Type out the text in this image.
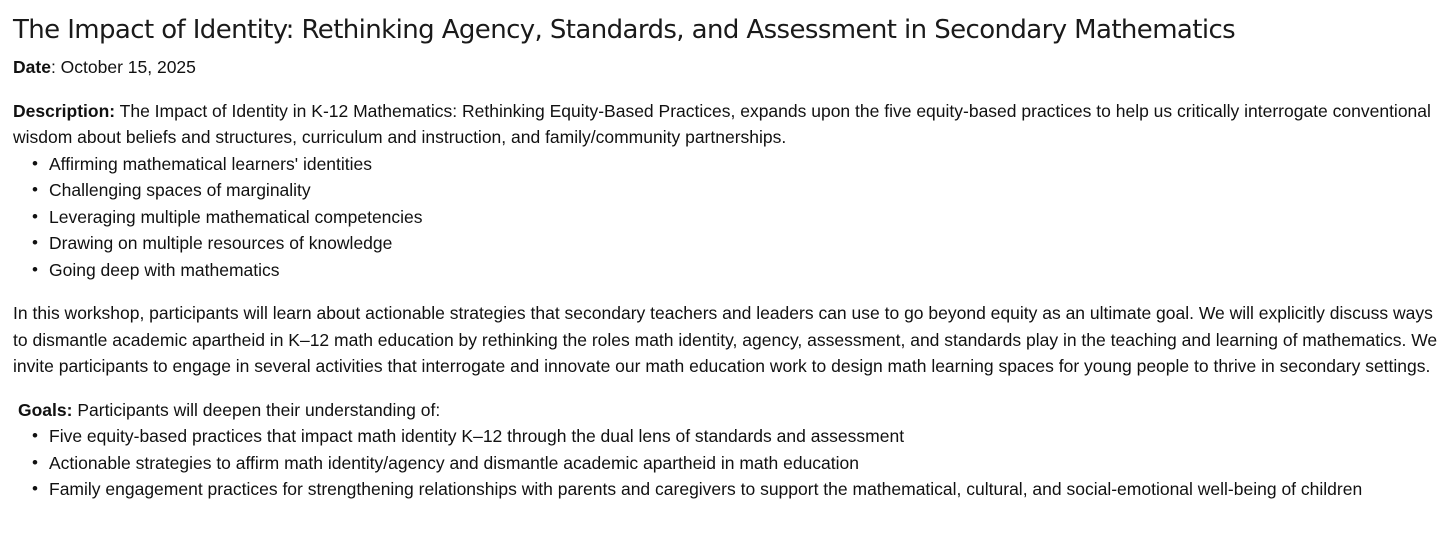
The Impact of Identity: Rethinking Agency, Standards, and Assessment in Secondary Mathematics

Date: October 15, 2025

Description: The Impact of Identity in K-12 Mathematics: Rethinking Equity-Based Practices, expands upon the five equity-based practices to help us critically interrogate conventional wisdom about beliefs and structures, curriculum and instruction, and family/community partnerships.

• Affirming mathematical learners' identities
• Challenging spaces of marginality
• Leveraging multiple mathematical competencies
• Drawing on multiple resources of knowledge
• Going deep with mathematics

In this workshop, participants will learn about actionable strategies that secondary teachers and leaders can use to go beyond equity as an ultimate goal. We will explicitly discuss ways to dismantle academic apartheid in K–12 math education by rethinking the roles math identity, agency, assessment, and standards play in the teaching and learning of mathematics. We invite participants to engage in several activities that interrogate and innovate our math education work to design math learning spaces for young people to thrive in secondary settings.

Goals: Participants will deepen their understanding of:

• Five equity-based practices that impact math identity K–12 through the dual lens of standards and assessment
• Actionable strategies to affirm math identity/agency and dismantle academic apartheid in math education
• Family engagement practices for strengthening relationships with parents and caregivers to support the mathematical, cultural, and social-emotional well-being of children
